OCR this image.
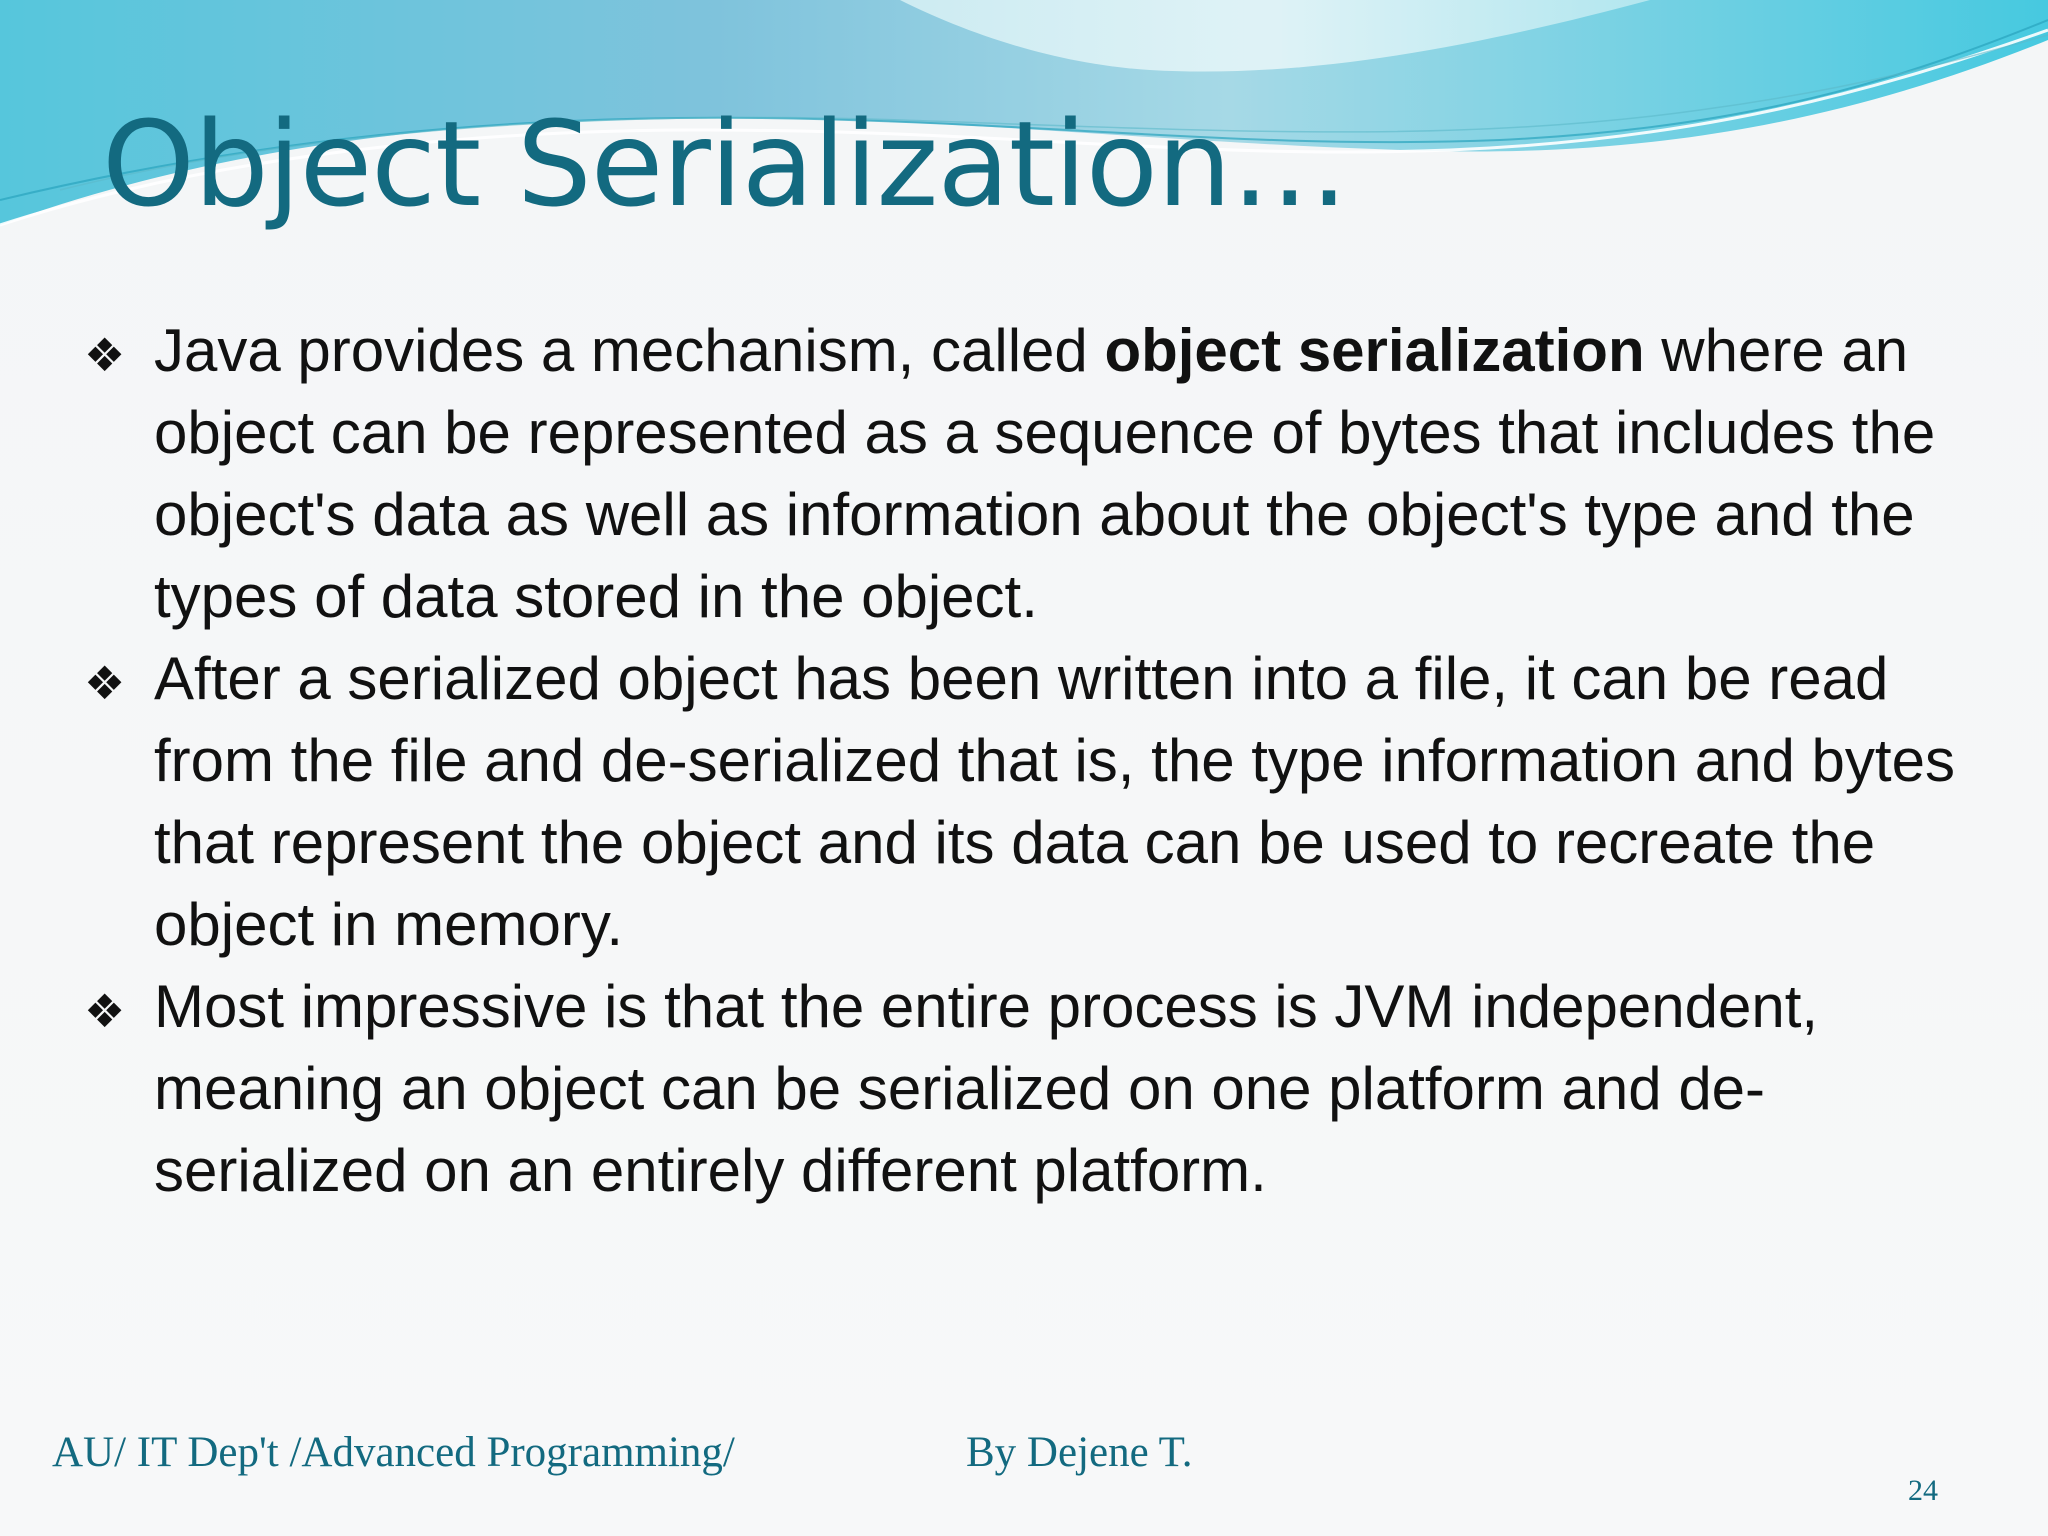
Object Serialization…
❖ Java provides a mechanism, called object serialization where an object can be represented as a sequence of bytes that includes the object's data as well as information about the object's type and the types of data stored in the object.
❖ After a serialized object has been written into a file, it can be read from the file and de-serialized that is, the type information and bytes that represent the object and its data can be used to recreate the object in memory.
❖ Most impressive is that the entire process is JVM independent, meaning an object can be serialized on one platform and de-serialized on an entirely different platform.
AU/ IT Dep't /Advanced Programming/	By Dejene T.
24
